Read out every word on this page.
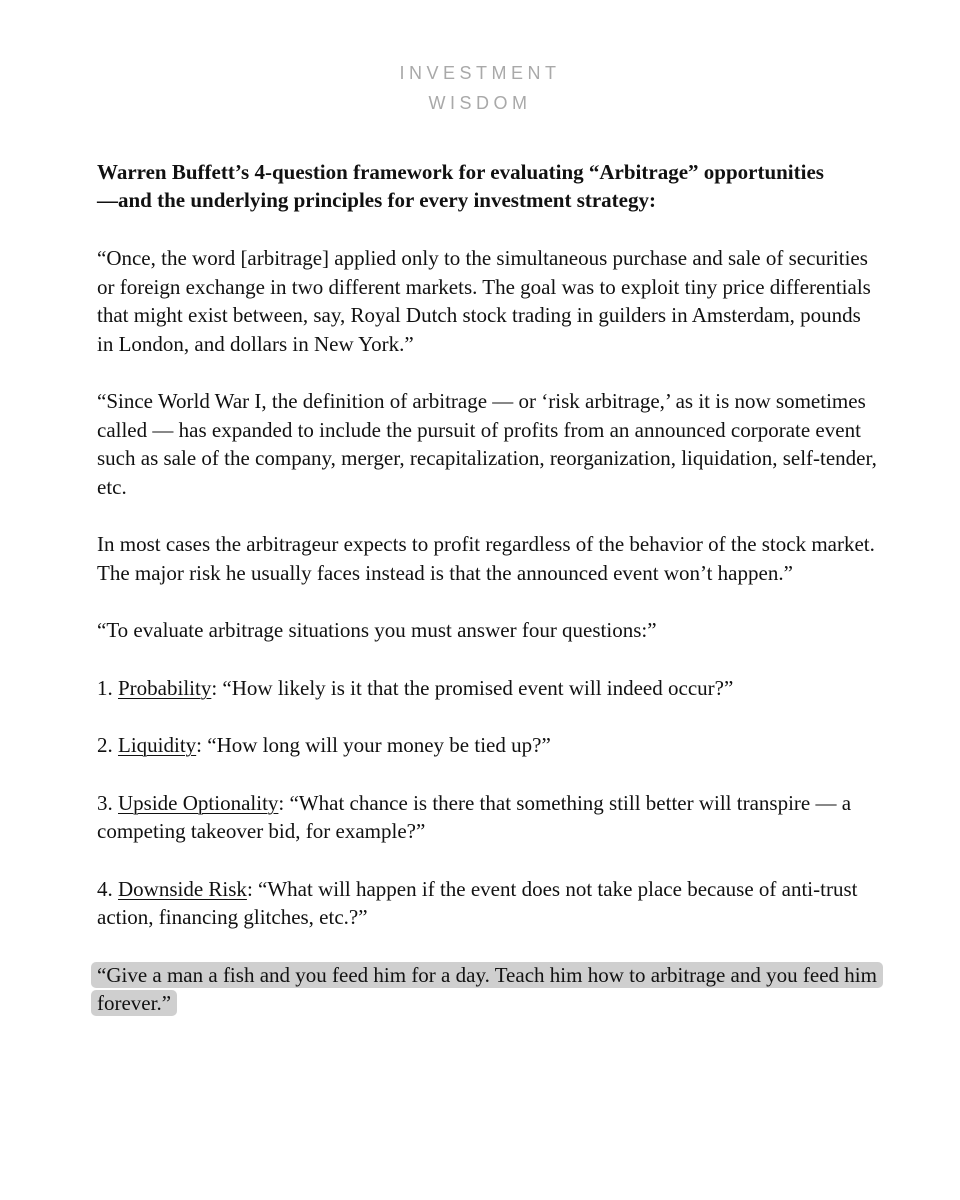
INVESTMENT
WISDOM
Warren Buffett’s 4-question framework for evaluating “Arbitrage” opportunities
—and the underlying principles for every investment strategy:

“Once, the word [arbitrage] applied only to the simultaneous purchase and sale of securities or foreign exchange in two different markets. The goal was to exploit tiny price differentials that might exist between, say, Royal Dutch stock trading in guilders in Amsterdam, pounds in London, and dollars in New York.”

“Since World War I, the definition of arbitrage — or ‘risk arbitrage,’ as it is now sometimes called — has expanded to include the pursuit of profits from an announced corporate event such as sale of the company, merger, recapitalization, reorganization, liquidation, self-tender, etc.

In most cases the arbitrageur expects to profit regardless of the behavior of the stock market. The major risk he usually faces instead is that the announced event won’t happen.”

“To evaluate arbitrage situations you must answer four questions:”

1. Probability: “How likely is it that the promised event will indeed occur?”

2. Liquidity: “How long will your money be tied up?”

3. Upside Optionality: “What chance is there that something still better will transpire — a competing takeover bid, for example?”

4. Downside Risk: “What will happen if the event does not take place because of anti-trust action, financing glitches, etc.?”

“Give a man a fish and you feed him for a day. Teach him how to arbitrage and you feed him forever.”
